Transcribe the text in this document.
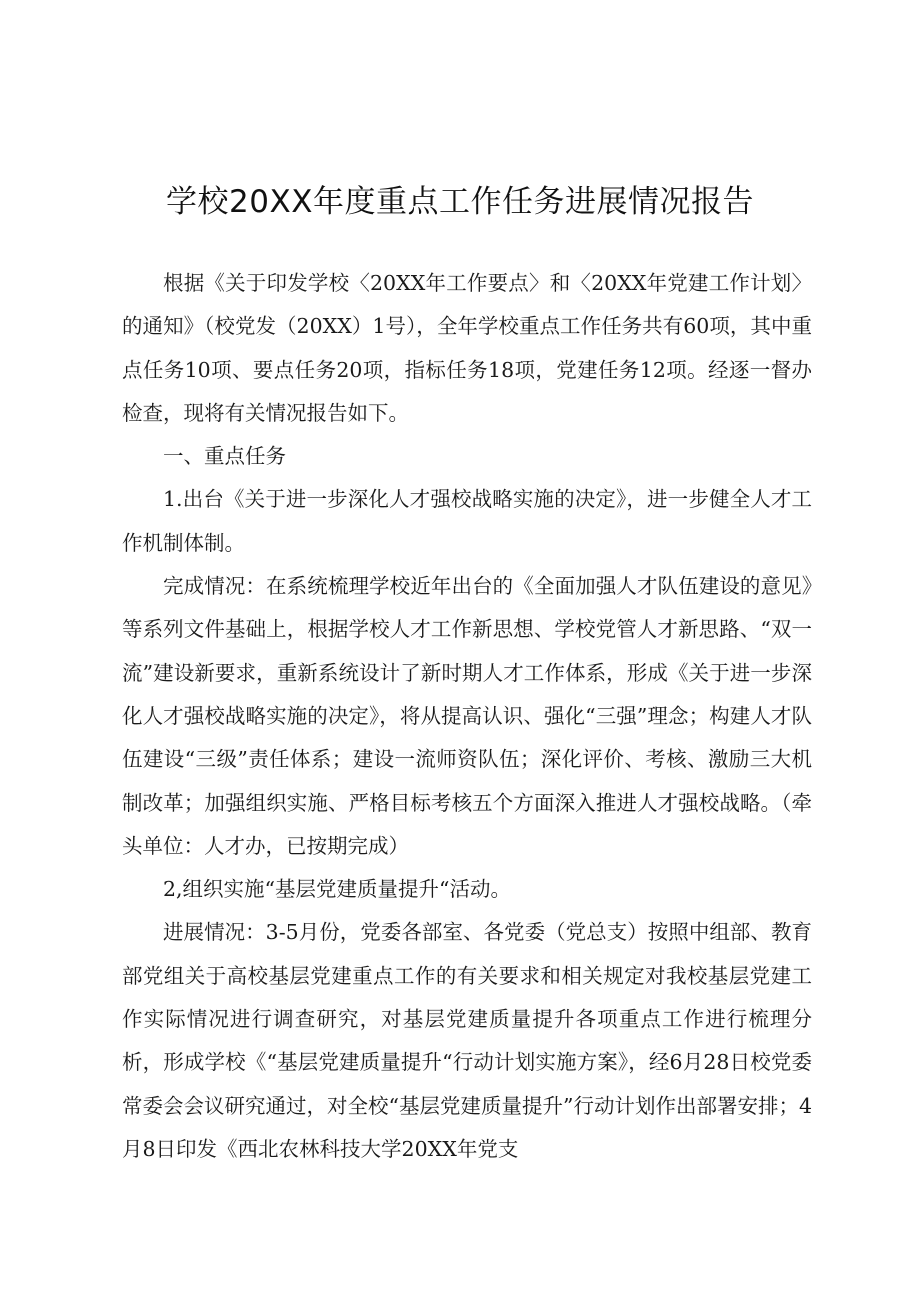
学校20XX年度重点工作任务进展情况报告

根据《关于印发学校〈20XX年工作要点〉和〈20XX年党建工作计划〉的通知》（校党发（20XX）1号），全年学校重点工作任务共有60项，其中重点任务10项、要点任务20项，指标任务18项，党建任务12项。经逐一督办检查，现将有关情况报告如下。

一、重点任务

1.出台《关于进一步深化人才强校战略实施的决定》，进一步健全人才工作机制体制。

完成情况：在系统梳理学校近年出台的《全面加强人才队伍建设的意见》等系列文件基础上，根据学校人才工作新思想、学校党管人才新思路、“双一流”建设新要求，重新系统设计了新时期人才工作体系，形成《关于进一步深化人才强校战略实施的决定》，将从提高认识、强化“三强”理念；构建人才队伍建设“三级”责任体系；建设一流师资队伍；深化评价、考核、激励三大机制改革；加强组织实施、严格目标考核五个方面深入推进人才强校战略。（牵头单位：人才办，已按期完成）

2,组织实施“基层党建质量提升“活动。

进展情况：3-5月份，党委各部室、各党委（党总支）按照中组部、教育部党组关于高校基层党建重点工作的有关要求和相关规定对我校基层党建工作实际情况进行调查研究，对基层党建质量提升各项重点工作进行梳理分析，形成学校《“基层党建质量提升“行动计划实施方案》，经6月28日校党委常委会会议研究通过，对全校“基层党建质量提升”行动计划作出部署安排；4月8日印发《西北农林科技大学20XX年党支
